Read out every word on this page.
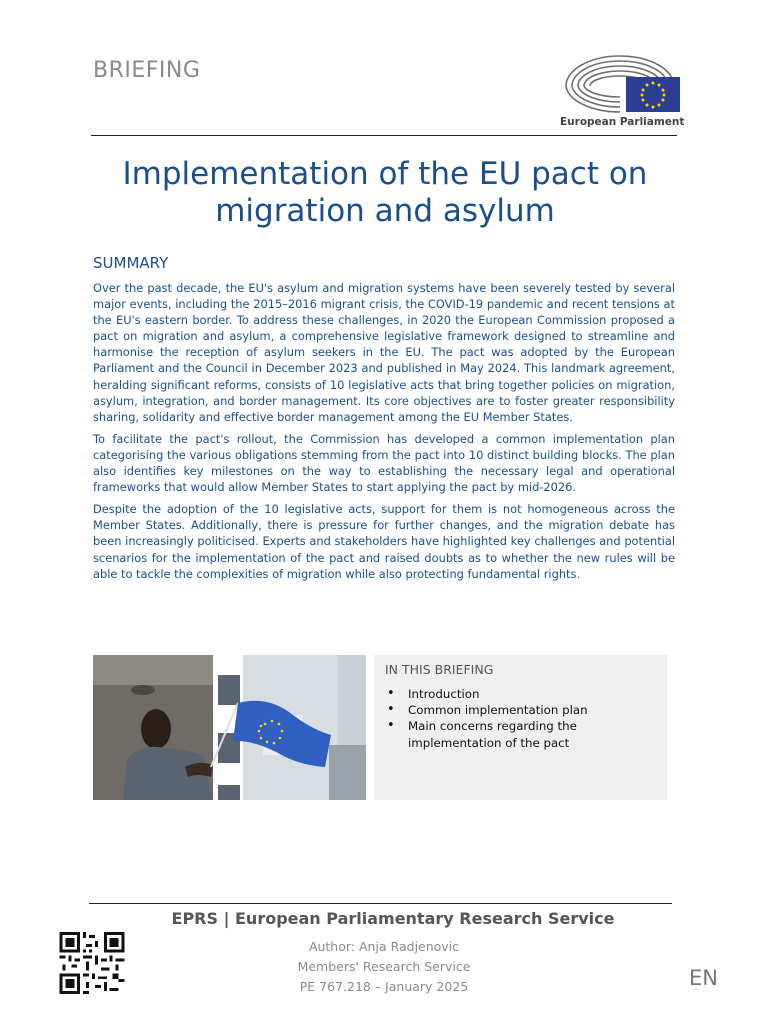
BRIEFING
European Parliament
Implementation of the EU pact on
migration and asylum
SUMMARY

Over the past decade, the EU's asylum and migration systems have been severely tested by several major events, including the 2015–2016 migrant crisis, the COVID-19 pandemic and recent tensions at the EU's eastern border. To address these challenges, in 2020 the European Commission proposed a pact on migration and asylum, a comprehensive legislative framework designed to streamline and harmonise the reception of asylum seekers in the EU. The pact was adopted by the European Parliament and the Council in December 2023 and published in May 2024. This landmark agreement, heralding significant reforms, consists of 10 legislative acts that bring together policies on migration, asylum, integration, and border management. Its core objectives are to foster greater responsibility sharing, solidarity and effective border management among the EU Member States.

To facilitate the pact's rollout, the Commission has developed a common implementation plan categorising the various obligations stemming from the pact into 10 distinct building blocks. The plan also identifies key milestones on the way to establishing the necessary legal and operational frameworks that would allow Member States to start applying the pact by mid-2026.

Despite the adoption of the 10 legislative acts, support for them is not homogeneous across the Member States. Additionally, there is pressure for further changes, and the migration debate has been increasingly politicised. Experts and stakeholders have highlighted key challenges and potential scenarios for the implementation of the pact and raised doubts as to whether the new rules will be able to tackle the complexities of migration while also protecting fundamental rights.

IN THIS BRIEFING
• Introduction
• Common implementation plan
• Main concerns regarding the implementation of the pact
EPRS | European Parliamentary Research Service
Author: Anja Radjenovic
Members' Research Service
PE 767.218 – January 2025	EN
